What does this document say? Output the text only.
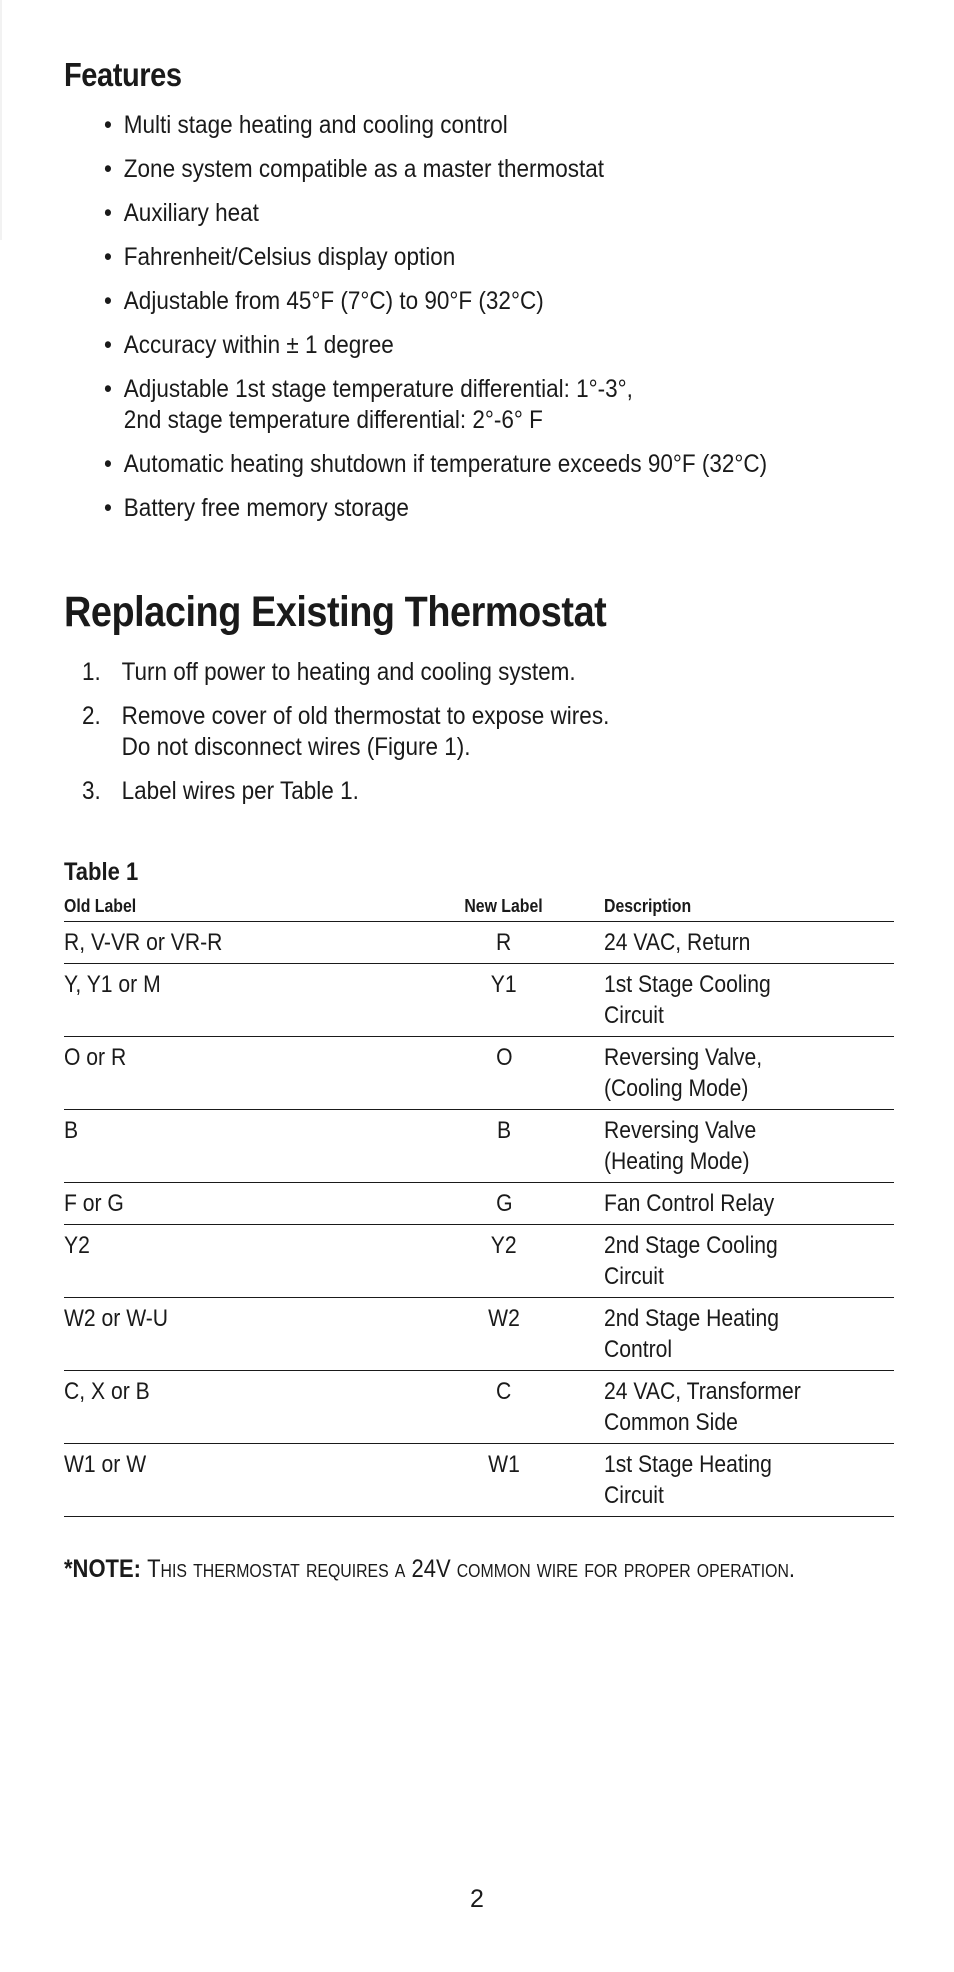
Features
• Multi stage heating and cooling control
• Zone system compatible as a master thermostat
• Auxiliary heat
• Fahrenheit/Celsius display option
• Adjustable from 45°F (7°C) to 90°F (32°C)
• Accuracy within ± 1 degree
• Adjustable 1st stage temperature differential: 1°-3°,
2nd stage temperature differential: 2°-6° F
• Automatic heating shutdown if temperature exceeds 90°F (32°C)
• Battery free memory storage
Replacing Existing Thermostat
1. Turn off power to heating and cooling system.
2. Remove cover of old thermostat to expose wires.
Do not disconnect wires (Figure 1).
3. Label wires per Table 1.
Table 1
Old Label	New Label	Description
R, V-VR or VR-R	R	24 VAC, Return
Y, Y1 or M	Y1	1st Stage Cooling Circuit
O or R	O	Reversing Valve, (Cooling Mode)
B	B	Reversing Valve (Heating Mode)
F or G	G	Fan Control Relay
Y2	Y2	2nd Stage Cooling Circuit
W2 or W-U	W2	2nd Stage Heating Control
C, X or B	C	24 VAC, Transformer Common Side
W1 or W	W1	1st Stage Heating Circuit
*NOTE: This thermostat requires a 24V common wire for proper operation.
2
